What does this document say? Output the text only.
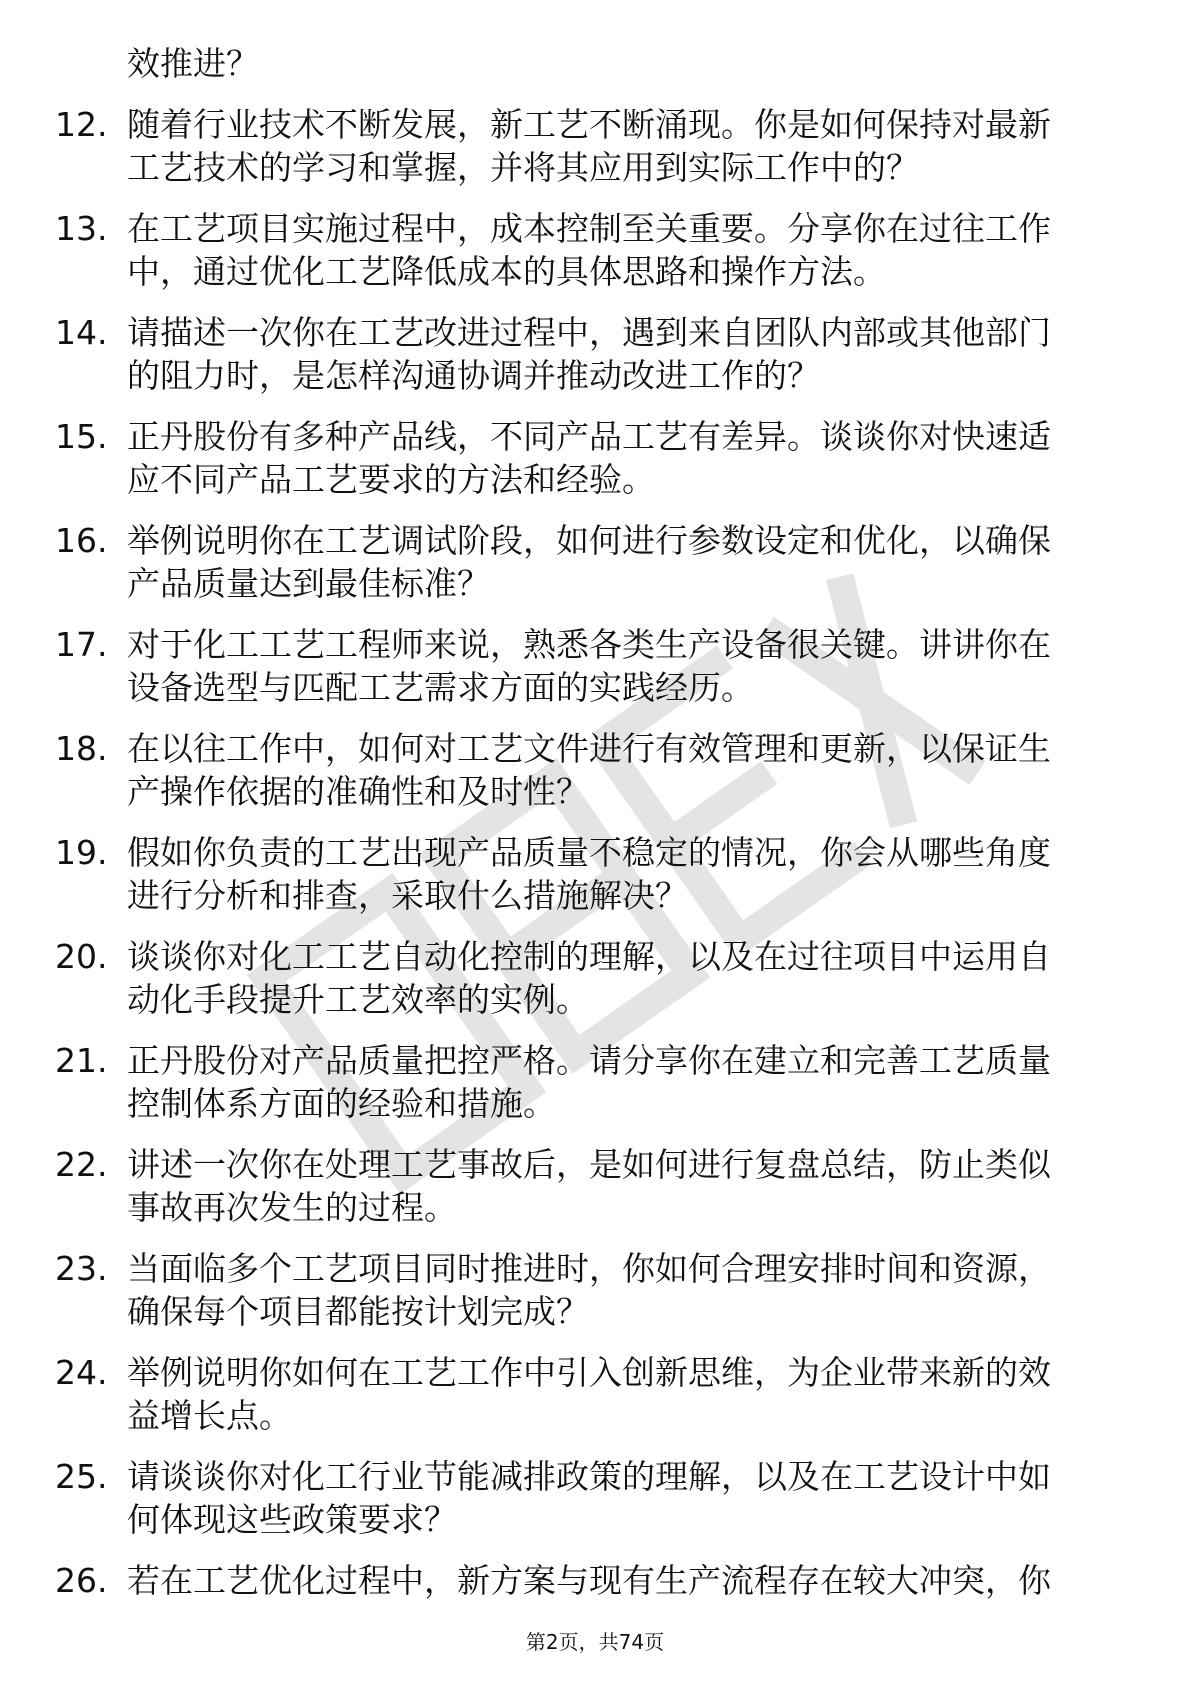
效推进？
12. 随着行业技术不断发展，新工艺不断涌现。你是如何保持对最新
工艺技术的学习和掌握，并将其应用到实际工作中的？
13. 在工艺项目实施过程中，成本控制至关重要。分享你在过往工作
中，通过优化工艺降低成本的具体思路和操作方法。
14. 请描述一次你在工艺改进过程中，遇到来自团队内部或其他部门
的阻力时，是怎样沟通协调并推动改进工作的？
15. 正丹股份有多种产品线，不同产品工艺有差异。谈谈你对快速适
应不同产品工艺要求的方法和经验。
16. 举例说明你在工艺调试阶段，如何进行参数设定和优化，以确保
产品质量达到最佳标准？
17. 对于化工工艺工程师来说，熟悉各类生产设备很关键。讲讲你在
设备选型与匹配工艺需求方面的实践经历。
18. 在以往工作中，如何对工艺文件进行有效管理和更新，以保证生
产操作依据的准确性和及时性？
19. 假如你负责的工艺出现产品质量不稳定的情况，你会从哪些角度
进行分析和排查，采取什么措施解决？
20. 谈谈你对化工工艺自动化控制的理解，以及在过往项目中运用自
动化手段提升工艺效率的实例。
21. 正丹股份对产品质量把控严格。请分享你在建立和完善工艺质量
控制体系方面的经验和措施。
22. 讲述一次你在处理工艺事故后，是如何进行复盘总结，防止类似
事故再次发生的过程。
23. 当面临多个工艺项目同时推进时，你如何合理安排时间和资源，
确保每个项目都能按计划完成？
24. 举例说明你如何在工艺工作中引入创新思维，为企业带来新的效
益增长点。
25. 请谈谈你对化工行业节能减排政策的理解，以及在工艺设计中如
何体现这些政策要求？
26. 若在工艺优化过程中，新方案与现有生产流程存在较大冲突，你
第2页，共74页
